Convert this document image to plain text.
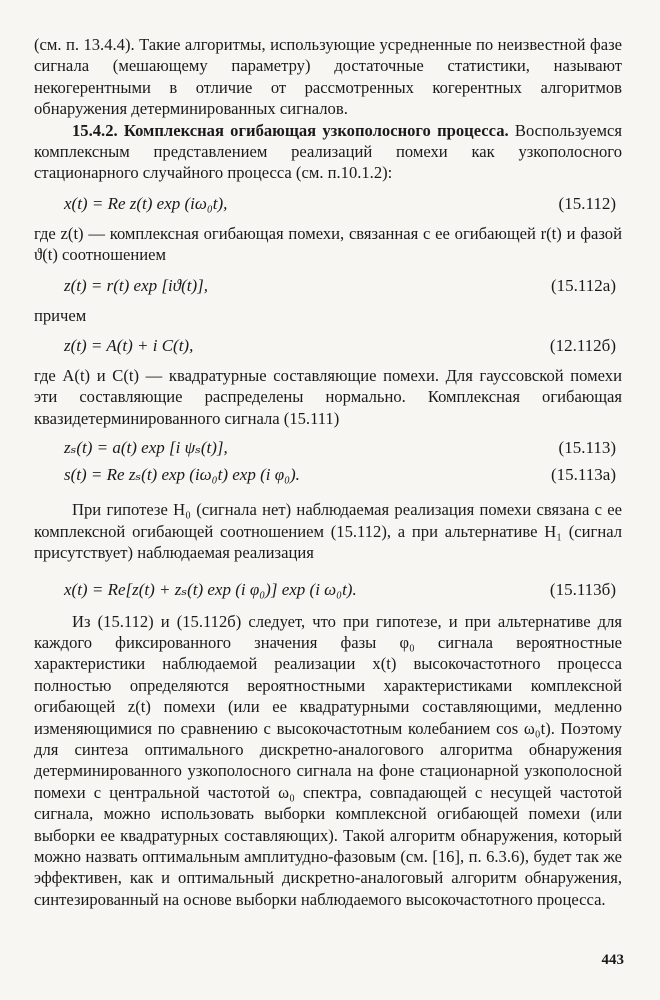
(см. п. 13.4.4). Такие алгоритмы, использующие усредненные по неизвестной фазе сигнала (мешающему параметру) достаточные статистики, называют некогерентными в отличие от рассмотренных когерентных алгоритмов обнаружения детерминированных сигналов.

15.4.2. Комплексная огибающая узкополосного процесса. Воспользуемся комплексным представлением реализаций помехи как узкополосного стационарного случайного процесса (см. п.10.1.2):

x(t) = Re z(t) exp (iω₀t),	(15.112)

где z(t) — комплексная огибающая помехи, связанная с ее огибающей r(t) и фазой ϑ(t) соотношением

z(t) = r(t) exp [iϑ(t)],	(15.112a)

причем

z(t) = A(t) + i C(t),	(12.112б)

где A(t) и C(t) — квадратурные составляющие помехи. Для гауссовской помехи эти составляющие распределены нормально. Комплексная огибающая квазидетерминированного сигнала (15.111)

zₛ(t) = a(t) exp [i ψₛ(t)],	(15.113)
s(t) = Re zₛ(t) exp (iω₀t) exp (i φ₀).	(15.113a)

При гипотезе H₀ (сигнала нет) наблюдаемая реализация помехи связана с ее комплексной огибающей соотношением (15.112), а при альтернативе H₁ (сигнал присутствует) наблюдаемая реализация

x(t) = Re[z(t) + zₛ(t) exp (i φ₀)] exp (i ω₀t).	(15.113б)

Из (15.112) и (15.112б) следует, что при гипотезе, и при альтернативе для каждого фиксированного значения фазы φ₀ сигнала вероятностные характеристики наблюдаемой реализации x(t) высокочастотного процесса полностью определяются вероятностными характеристиками комплексной огибающей z(t) помехи (или ее квадратурными составляющими, медленно изменяющимися по сравнению с высокочастотным колебанием cos ω₀t). Поэтому для синтеза оптимального дискретно-аналогового алгоритма обнаружения детерминированного узкополосного сигнала на фоне стационарной узкополосной помехи с центральной частотой ω₀ спектра, совпадающей с несущей частотой сигнала, можно использовать выборки комплексной огибающей помехи (или выборки ее квадратурных составляющих). Такой алгоритм обнаружения, который можно назвать оптимальным амплитудно-фазовым (см. [16], п. 6.3.6), будет так же эффективен, как и оптимальный дискретно-аналоговый алгоритм обнаружения, синтезированный на основе выборки наблюдаемого высокочастотного процесса.

443
